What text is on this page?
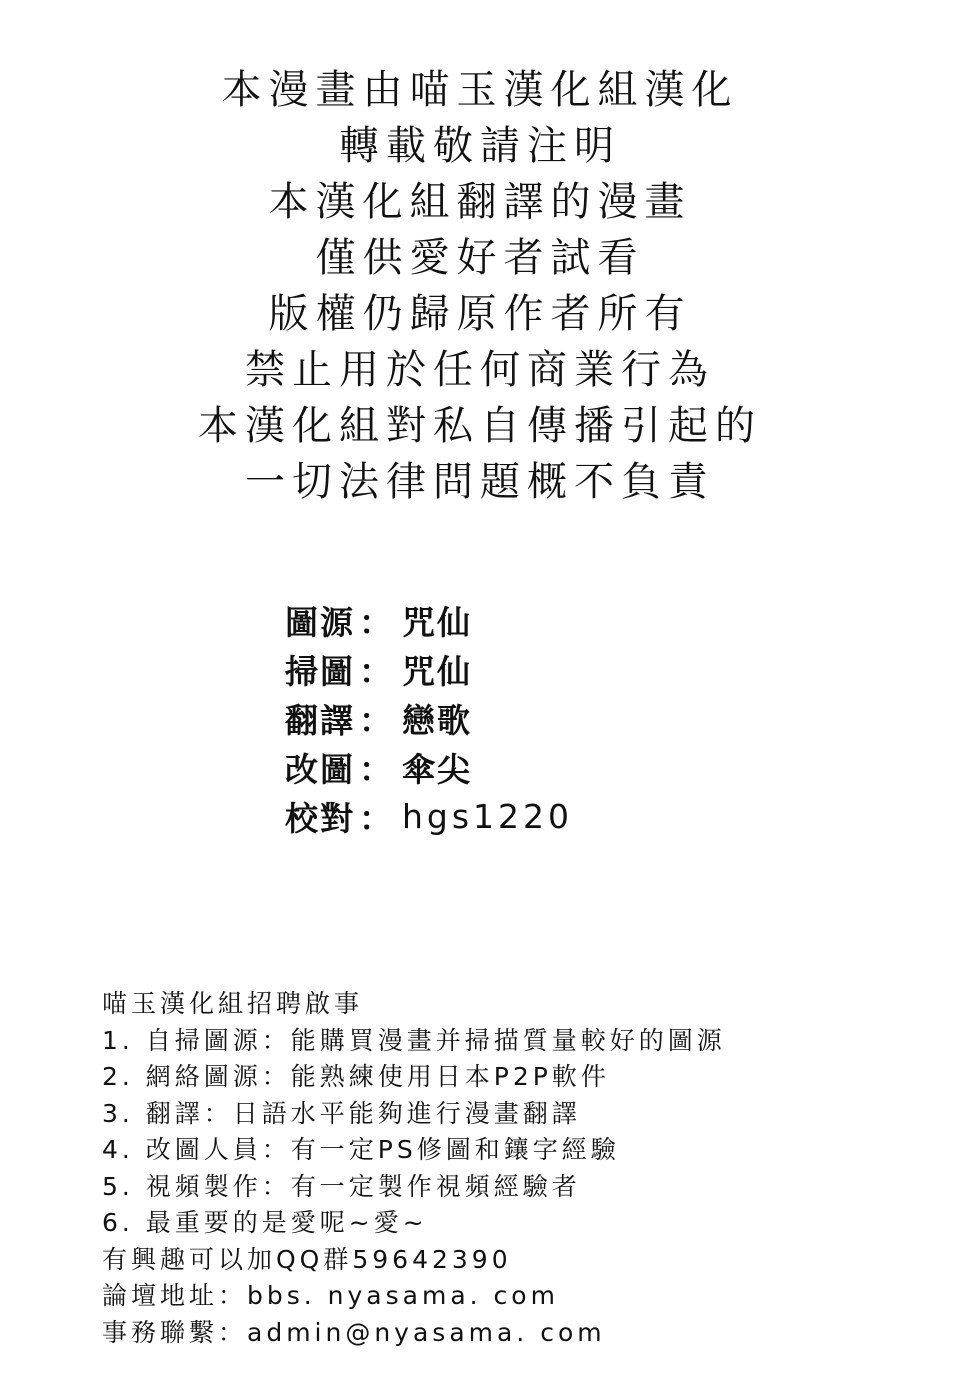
本漫畫由喵玉漢化組漢化
轉載敬請注明
本漢化組翻譯的漫畫
僅供愛好者試看
版權仍歸原作者所有
禁止用於任何商業行為
本漢化組對私自傳播引起的
一切法律問題概不負責
圖源 ： 咒仙
掃圖 ： 咒仙
翻譯 ： 戀歌
改圖 ： 傘尖
校對 ： hgs1220
喵玉漢化組招聘啟事
1. 自掃圖源：能購買漫畫并掃描質量較好的圖源
2. 網絡圖源：能熟練使用日本P2P軟件
3. 翻譯：日語水平能夠進行漫畫翻譯
4. 改圖人員：有一定PS修圖和鑲字經驗
5. 視頻製作：有一定製作視頻經驗者
6. 最重要的是愛呢~愛~
有興趣可以加QQ群59642390
論壇地址：bbs. nyasama. com
事務聯繫：admin@nyasama. com
